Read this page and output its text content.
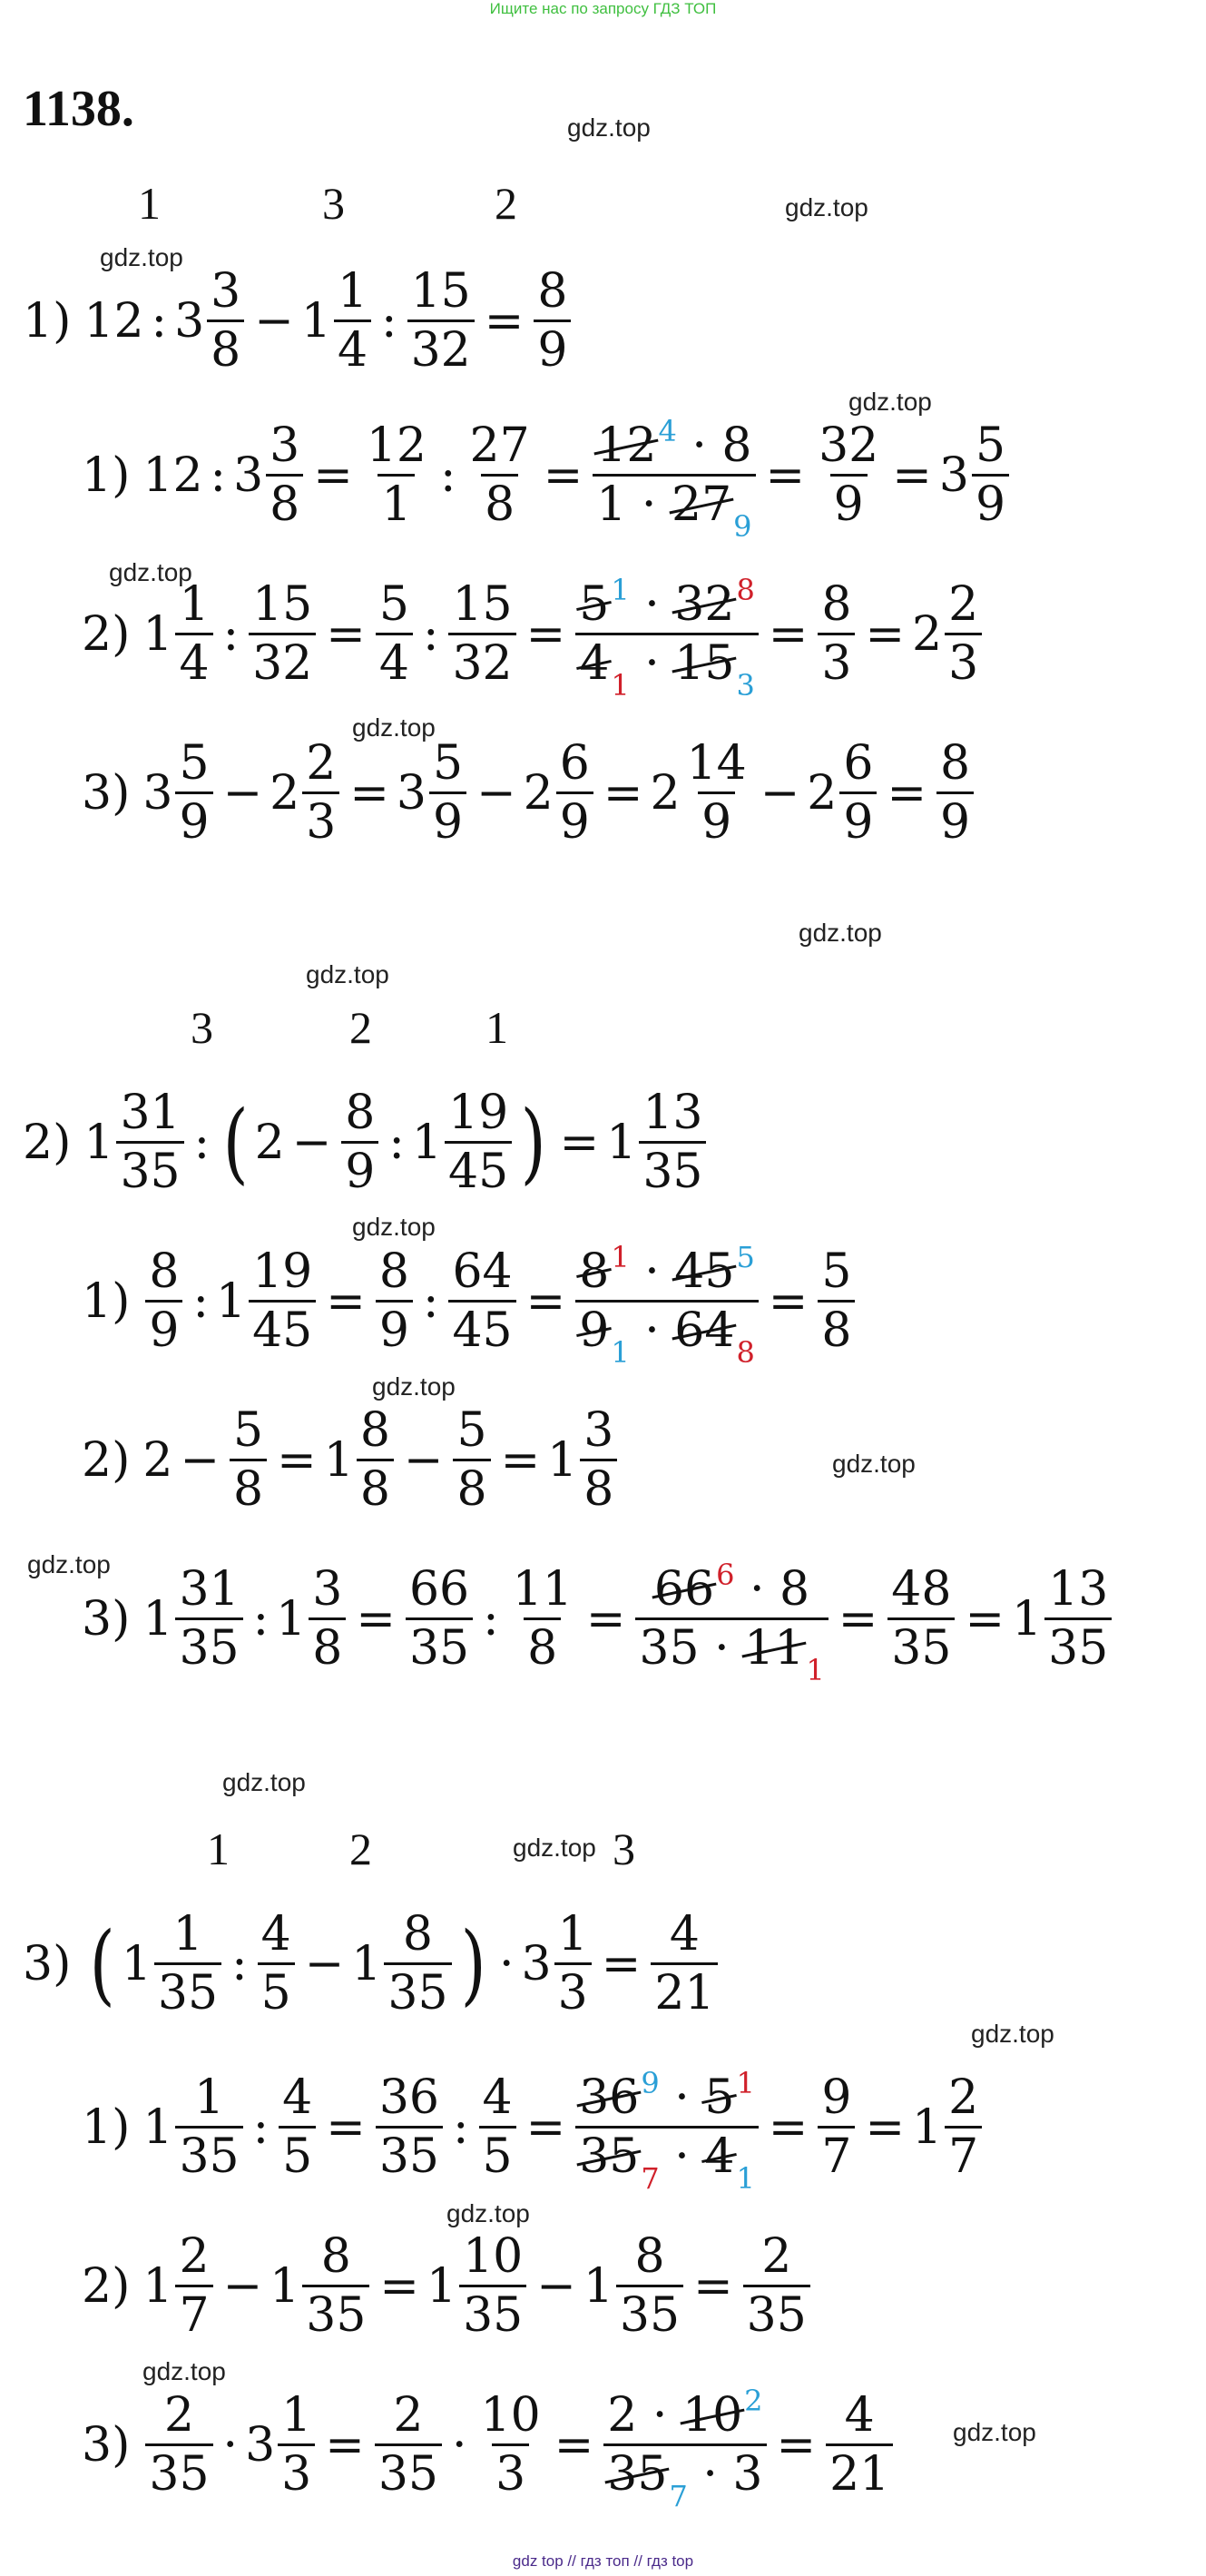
Ищите нас по запросу ГДЗ ТОП
1138.	gdz.top
gdz.top
gdz.top
gdz.top
gdz.top
gdz.top
gdz.top
gdz.top
gdz.top
gdz.top
gdz.top
gdz.top
gdz.top
gdz.top
gdz.top
gdz.top
gdz.top
gdz.top
1	3	2
1) 12 : $3 \frac{3}{8} - 1 \frac{1}{4}$ : $\frac{15}{32} = \frac{8}{9}$
1) 12 : $3 \frac{3}{8} = \frac{12}{1}$ : $\frac{27}{8} = \frac{12^4 \cdot 8}{1 \cdot 27_9} = \frac{32}{9} = 3 \frac{5}{9}$
2) $1 \frac{1}{4}$ : $\frac{15}{32} = \frac{5}{4}$ : $\frac{15}{32} = \frac{5^1 \cdot 32^8}{4_1 \cdot 15_3} = \frac{8}{3} = 2 \frac{2}{3}$
3) $3 \frac{5}{9} - 2 \frac{2}{3} = 3 \frac{5}{9} - 2 \frac{6}{9} = 2 \frac{14}{9} - 2 \frac{6}{9} = \frac{8}{9}$
3	2	1
2) $1 \frac{31}{35}$ : ( $2 - \frac{8}{9}$ : $1 \frac{19}{45}$ ) = $1 \frac{13}{35}$
$1) \frac{8}{9}$ : $1 \frac{19}{45} = \frac{8}{9}$ : $\frac{64}{45} = \frac{8^1 \cdot 45^5}{9_1 \cdot 64_8} = \frac{5}{8}$
2) $2 - \frac{5}{8} = 1 \frac{8}{8} - \frac{5}{8} = 1 \frac{3}{8}$
3) $1 \frac{31}{35}$ : $1 \frac{3}{8} = \frac{66}{35}$ : $\frac{11}{8} = \frac{66^6 \cdot 8}{35 \cdot 11_1} = \frac{48}{35} = 1 \frac{13}{35}$
1	2	3
3) ( $1 \frac{1}{35}$ : $\frac{4}{5} - 1 \frac{8}{35}$ ) · $3 \frac{1}{3} = \frac{4}{21}$
1) $1 \frac{1}{35}$ : $\frac{4}{5} = \frac{36}{35}$ : $\frac{4}{5} = \frac{36^9 \cdot 5^1}{35_7 \cdot 4_1} = \frac{9}{7} = 1 \frac{2}{7}$
2) $1 \frac{2}{7} - 1 \frac{8}{35} = 1 \frac{10}{35} - 1 \frac{8}{35} = \frac{2}{35}$
$3) \frac{2}{35} \cdot 3 \frac{1}{3} = \frac{2}{35} \cdot \frac{10}{3} = \frac{2 \cdot 10^2}{35_7 \cdot 3} = \frac{4}{21}$
gdz top // гдз топ // гдз top
